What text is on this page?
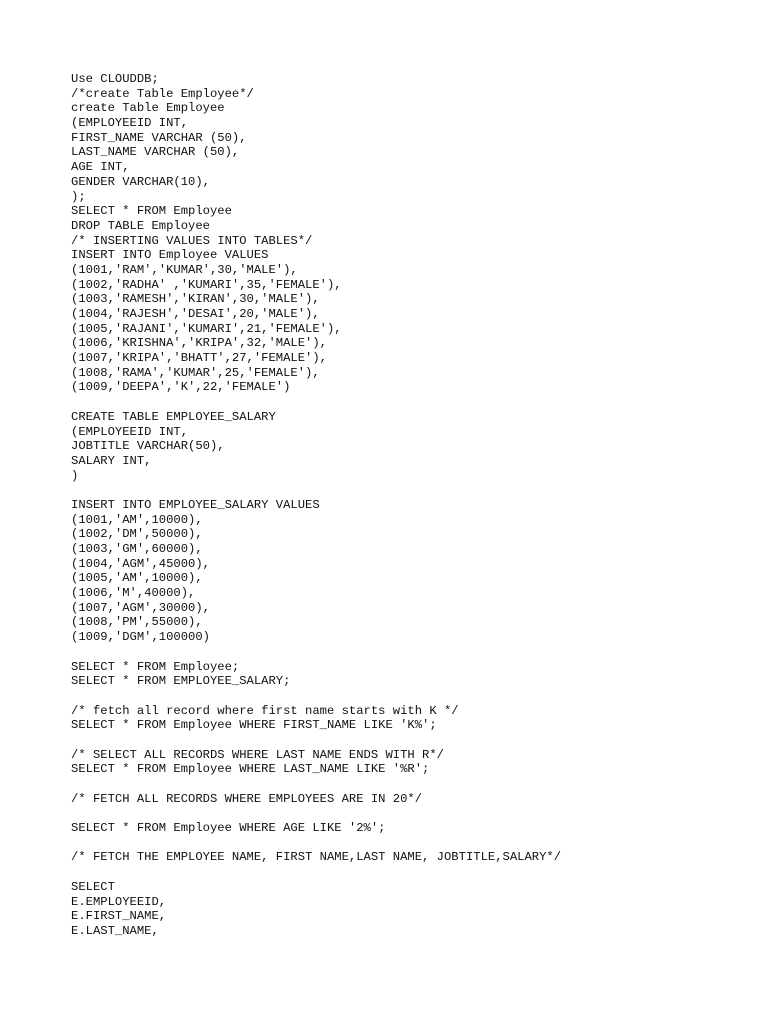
Use CLOUDDB;
/*create Table Employee*/
create Table Employee
(EMPLOYEEID INT,
FIRST_NAME VARCHAR (50),
LAST_NAME VARCHAR (50),
AGE INT,
GENDER VARCHAR(10),
);
SELECT * FROM Employee
DROP TABLE Employee
/* INSERTING VALUES INTO TABLES*/
INSERT INTO Employee VALUES
(1001,'RAM','KUMAR',30,'MALE'),
(1002,'RADHA' ,'KUMARI',35,'FEMALE'),
(1003,'RAMESH','KIRAN',30,'MALE'),
(1004,'RAJESH','DESAI',20,'MALE'),
(1005,'RAJANI','KUMARI',21,'FEMALE'),
(1006,'KRISHNA','KRIPA',32,'MALE'),
(1007,'KRIPA','BHATT',27,'FEMALE'),
(1008,'RAMA','KUMAR',25,'FEMALE'),
(1009,'DEEPA','K',22,'FEMALE')
CREATE TABLE EMPLOYEE_SALARY
(EMPLOYEEID INT,
JOBTITLE VARCHAR(50),
SALARY INT,
)
INSERT INTO EMPLOYEE_SALARY VALUES
(1001,'AM',10000),
(1002,'DM',50000),
(1003,'GM',60000),
(1004,'AGM',45000),
(1005,'AM',10000),
(1006,'M',40000),
(1007,'AGM',30000),
(1008,'PM',55000),
(1009,'DGM',100000)
SELECT * FROM Employee;
SELECT * FROM EMPLOYEE_SALARY;
/* fetch all record where first name starts with K */
SELECT * FROM Employee WHERE FIRST_NAME LIKE 'K%';
/* SELECT ALL RECORDS WHERE LAST NAME ENDS WITH R*/
SELECT * FROM Employee WHERE LAST_NAME LIKE '%R';
/* FETCH ALL RECORDS WHERE EMPLOYEES ARE IN 20*/
SELECT * FROM Employee WHERE AGE LIKE '2%';
/* FETCH THE EMPLOYEE NAME, FIRST NAME,LAST NAME, JOBTITLE,SALARY*/
SELECT
E.EMPLOYEEID,
E.FIRST_NAME,
E.LAST_NAME,
